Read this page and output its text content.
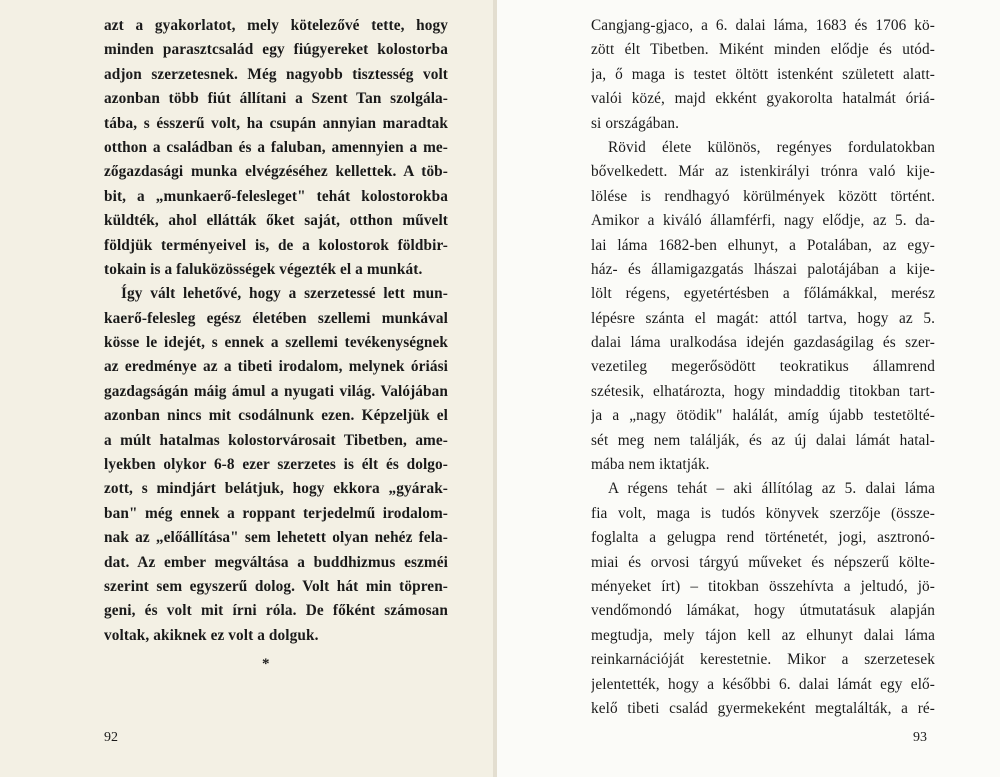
azt a gyakorlatot, mely kötelezővé tette, hogy
minden parasztcsalád egy fiúgyereket kolostorba
adjon szerzetesnek. Még nagyobb tisztesség volt
azonban több fiút állítani a Szent Tan szolgála-
tába, s ésszerű volt, ha csupán annyian maradtak
otthon a családban és a faluban, amennyien a me-
zőgazdasági munka elvégzéséhez kellettek. A töb-
bit, a „munkaerő-felesleget" tehát kolostorokba
küldték, ahol ellátták őket saját, otthon művelt
földjük terményeivel is, de a kolostorok földbir-
tokain is a faluközösségek végezték el a munkát.
Így vált lehetővé, hogy a szerzetessé lett mun-
kaerő-felesleg egész életében szellemi munkával
kösse le idejét, s ennek a szellemi tevékenységnek
az eredménye az a tibeti irodalom, melynek óriási
gazdagságán máig ámul a nyugati világ. Valójában
azonban nincs mit csodálnunk ezen. Képzeljük el
a múlt hatalmas kolostorvárosait Tibetben, ame-
lyekben olykor 6-8 ezer szerzetes is élt és dolgo-
zott, s mindjárt belátjuk, hogy ekkora „gyárak-
ban" még ennek a roppant terjedelmű irodalom-
nak az „előállítása" sem lehetett olyan nehéz fela-
dat. Az ember megváltása a buddhizmus eszméi
szerint sem egyszerű dolog. Volt hát min töpren-
geni, és volt mit írni róla. De főként számosan
voltak, akiknek ez volt a dolguk.
*
92
Cangjang-gjaco, a 6. dalai láma, 1683 és 1706 kö-
zött élt Tibetben. Miként minden elődje és utód-
ja, ő maga is testet öltött istenként született alatt-
valói közé, majd ekként gyakorolta hatalmát óriá-
si országában.
Rövid élete különös, regényes fordulatokban
bővelkedett. Már az istenkirályi trónra való kije-
lölése is rendhagyó körülmények között történt.
Amikor a kiváló államférfi, nagy elődje, az 5. da-
lai láma 1682-ben elhunyt, a Potalában, az egy-
ház- és államigazgatás lhászai palotájában a kije-
lölt régens, egyetértésben a főlámákkal, merész
lépésre szánta el magát: attól tartva, hogy az 5.
dalai láma uralkodása idején gazdaságilag és szer-
vezetileg megerősödött teokratikus államrend
szétesik, elhatározta, hogy mindaddig titokban tart-
ja a „nagy ötödik" halálát, amíg újabb testetölté-
sét meg nem találják, és az új dalai lámát hatal-
mába nem iktatják.
A régens tehát – aki állítólag az 5. dalai láma
fia volt, maga is tudós könyvek szerzője (össze-
foglalta a gelugpa rend történetét, jogi, asztronó-
miai és orvosi tárgyú műveket és népszerű költe-
ményeket írt) – titokban összehívta a jeltudó, jö-
vendőmondó lámákat, hogy útmutatásuk alapján
megtudja, mely tájon kell az elhunyt dalai láma
reinkarnációját kerestetnie. Mikor a szerzetesek
jelentették, hogy a későbbi 6. dalai lámát egy elő-
kelő tibeti család gyermekeként megtalálták, a ré-
93
